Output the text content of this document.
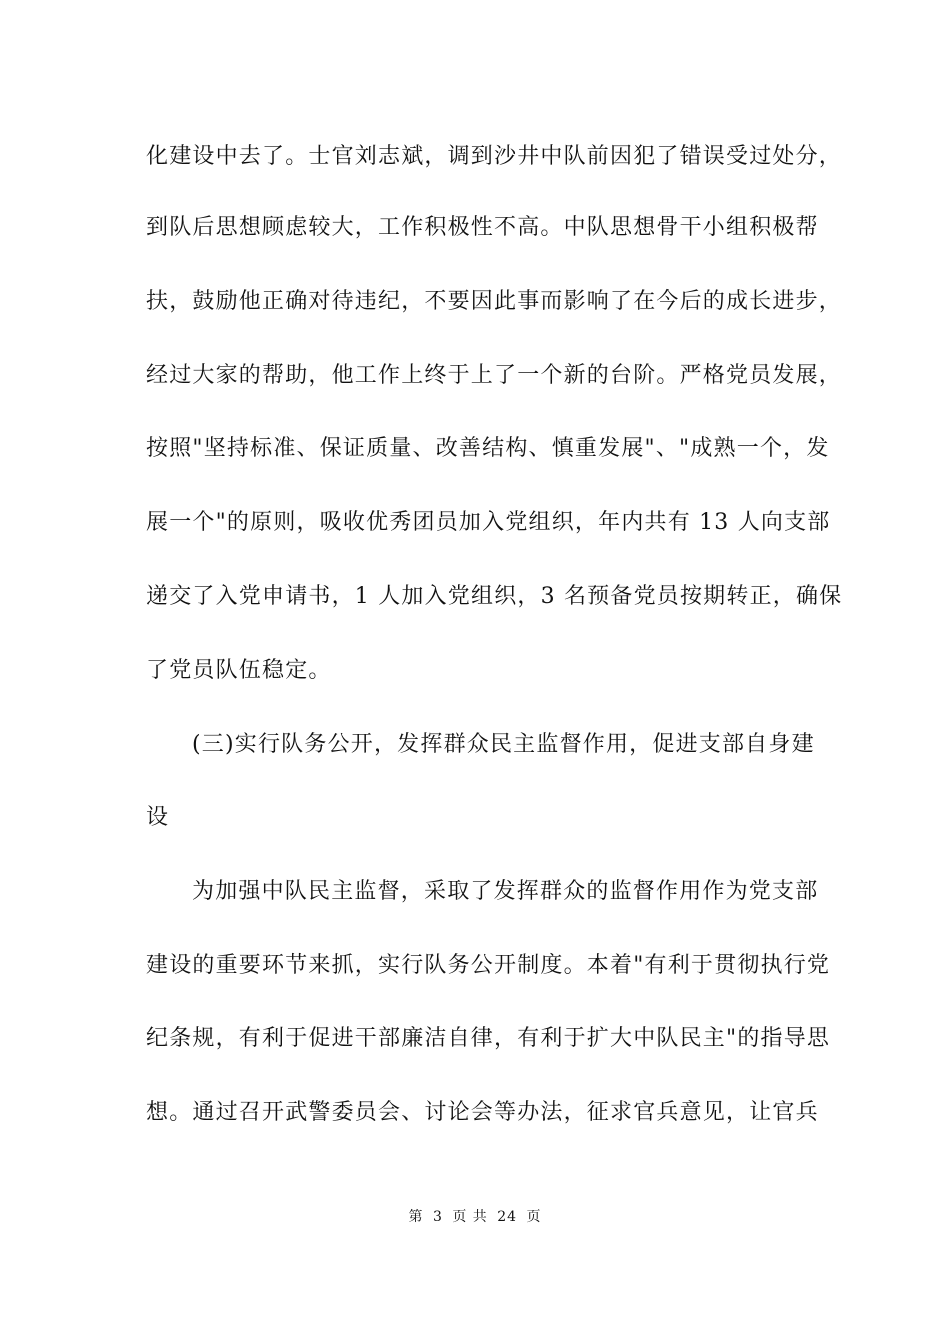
化建设中去了。士官刘志斌，调到沙井中队前因犯了错误受过处分，
到队后思想顾虑较大，工作积极性不高。中队思想骨干小组积极帮
扶，鼓励他正确对待违纪，不要因此事而影响了在今后的成长进步，
经过大家的帮助，他工作上终于上了一个新的台阶。严格党员发展，
按照"坚持标准、保证质量、改善结构、慎重发展"、"成熟一个，发
展一个"的原则，吸收优秀团员加入党组织，年内共有 13 人向支部
递交了入党申请书，1 人加入党组织，3 名预备党员按期转正，确保
了党员队伍稳定。
(三)实行队务公开，发挥群众民主监督作用，促进支部自身建
设
为加强中队民主监督，采取了发挥群众的监督作用作为党支部
建设的重要环节来抓，实行队务公开制度。本着"有利于贯彻执行党
纪条规，有利于促进干部廉洁自律，有利于扩大中队民主"的指导思
想。通过召开武警委员会、讨论会等办法，征求官兵意见，让官兵
第 3 页 共 24 页
